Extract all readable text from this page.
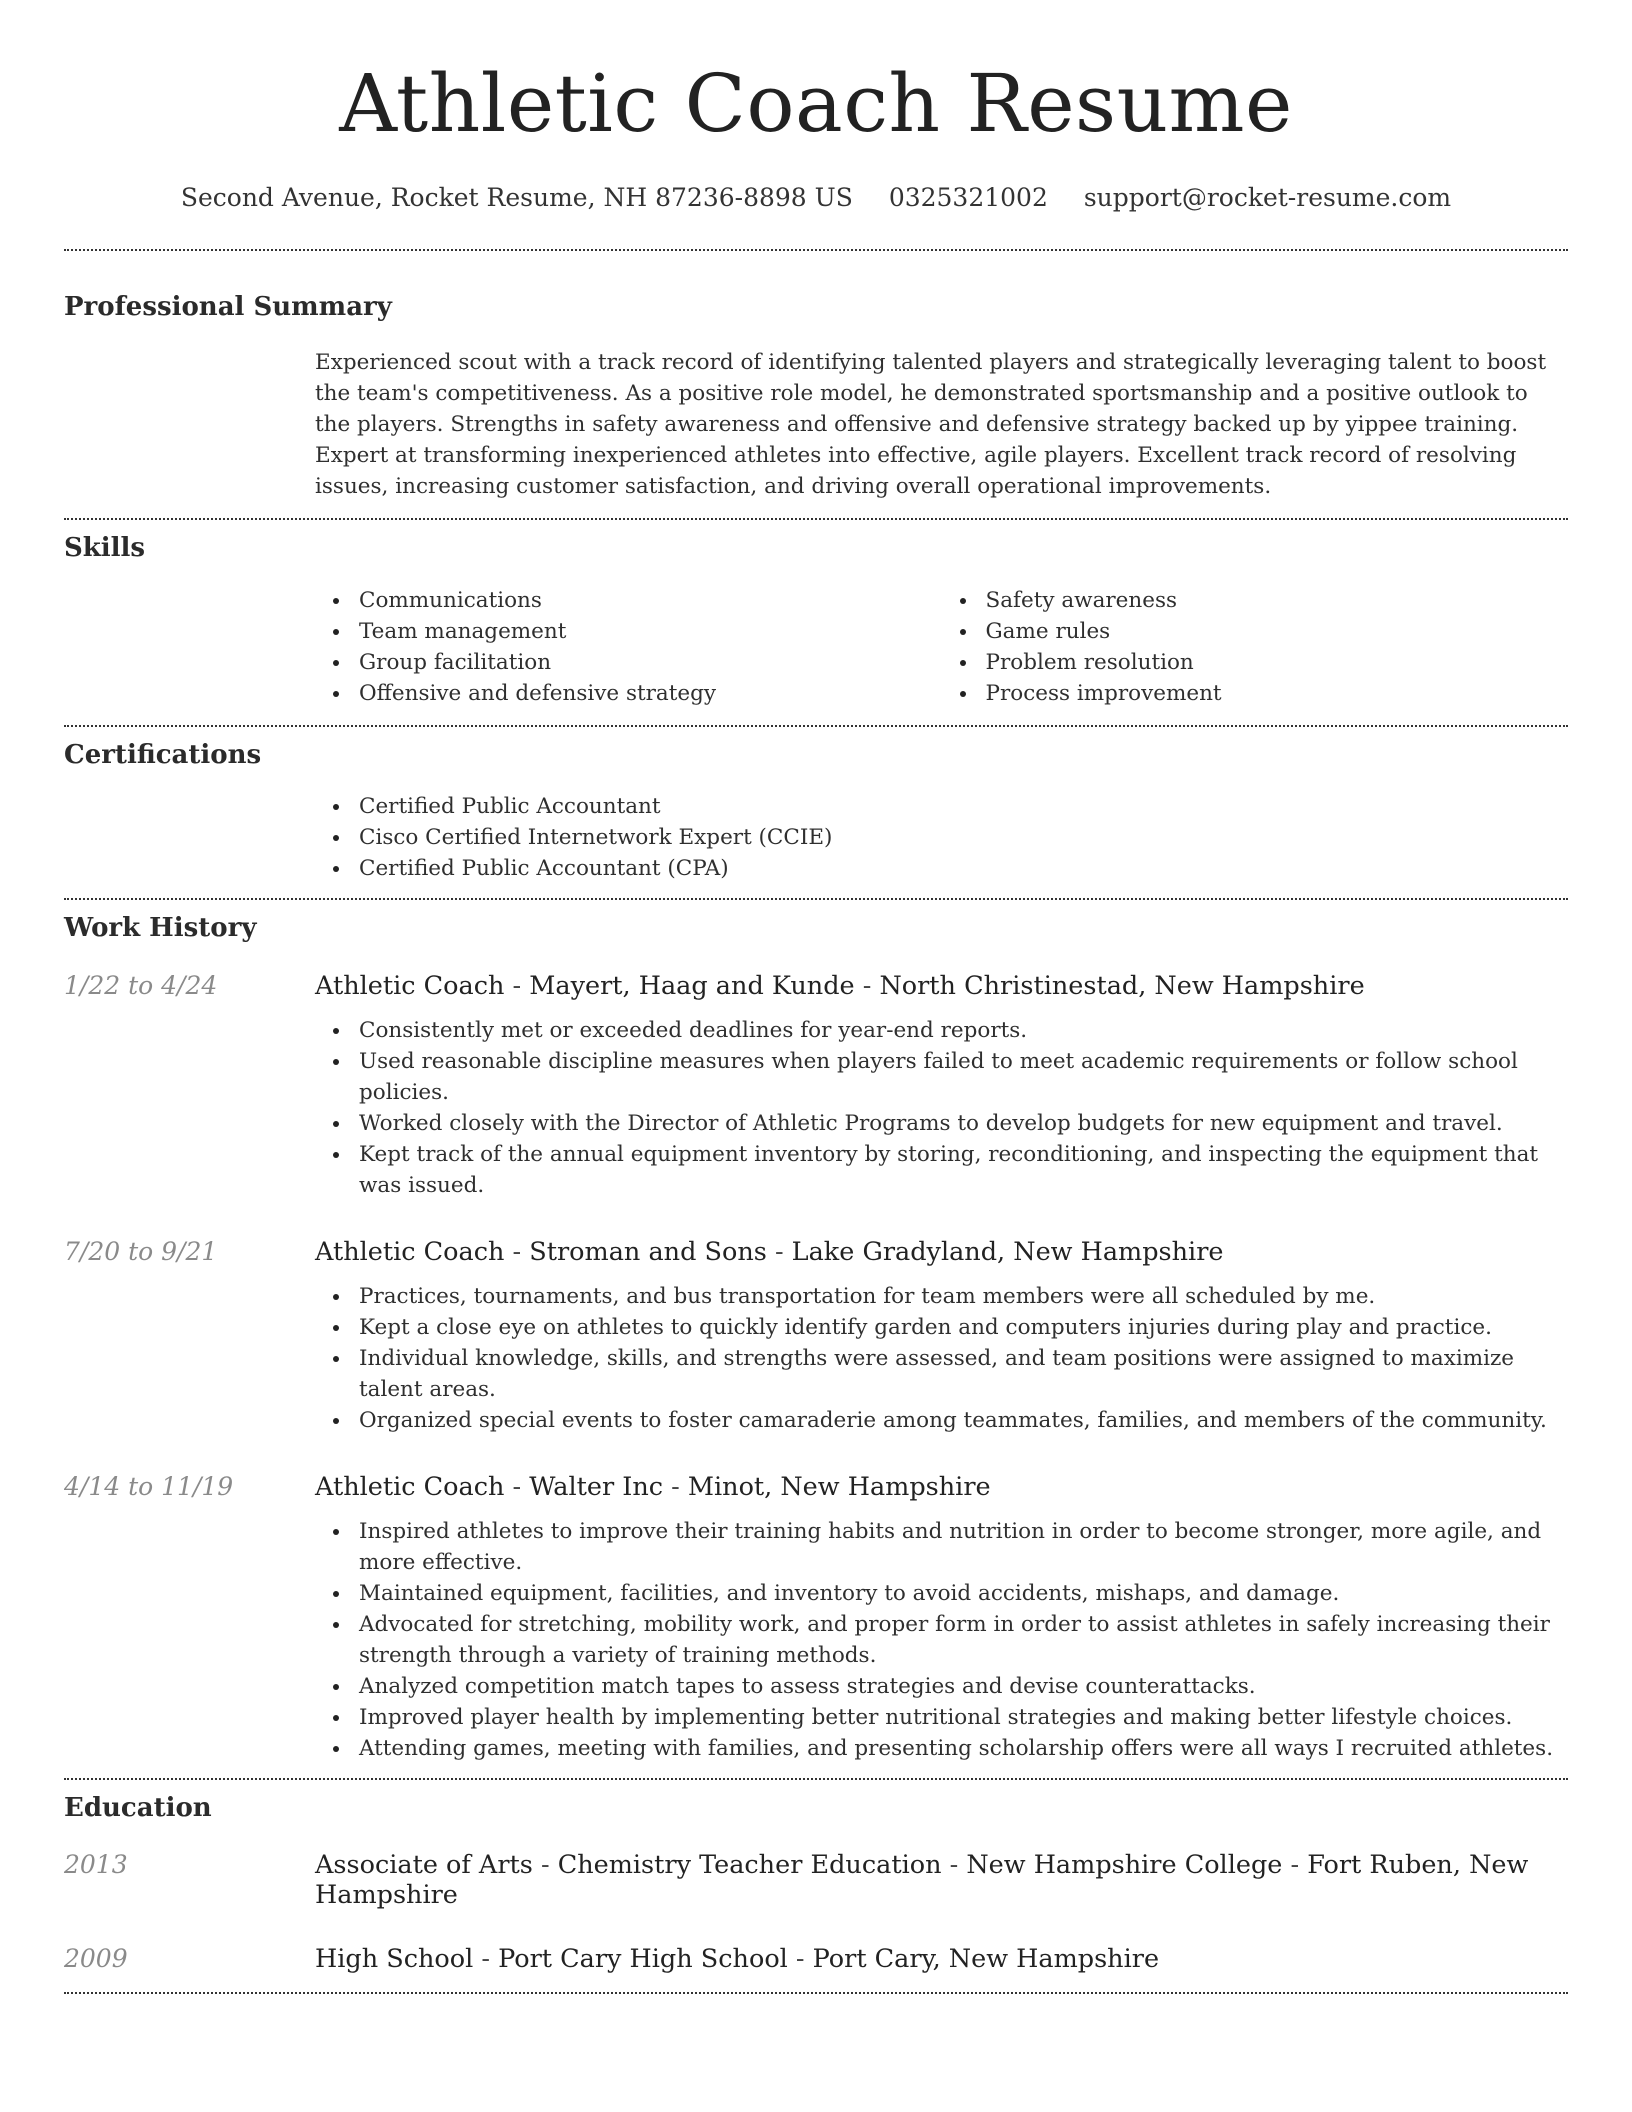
Athletic Coach Resume
Second Avenue, Rocket Resume, NH 87236-8898 US 0325321002 support@rocket-resume.com
Professional Summary

Experienced scout with a track record of identifying talented players and strategically leveraging talent to boost the team's competitiveness. As a positive role model, he demonstrated sportsmanship and a positive outlook to the players. Strengths in safety awareness and offensive and defensive strategy backed up by yippee training. Expert at transforming inexperienced athletes into effective, agile players. Excellent track record of resolving issues, increasing customer satisfaction, and driving overall operational improvements.

Skills
Communications
Team management
Group facilitation
Offensive and defensive strategy
Safety awareness
Game rules
Problem resolution
Process improvement
Certifications
Certified Public Accountant
Cisco Certified Internetwork Expert (CCIE)
Certified Public Accountant (CPA)
Work History
1/22 to 4/24	Athletic Coach - Mayert, Haag and Kunde - North Christinestad, New Hampshire
Consistently met or exceeded deadlines for year-end reports.
Used reasonable discipline measures when players failed to meet academic requirements or follow school policies.
Worked closely with the Director of Athletic Programs to develop budgets for new equipment and travel.
Kept track of the annual equipment inventory by storing, reconditioning, and inspecting the equipment that was issued.
7/20 to 9/21	Athletic Coach - Stroman and Sons - Lake Gradyland, New Hampshire
Practices, tournaments, and bus transportation for team members were all scheduled by me.
Kept a close eye on athletes to quickly identify garden and computers injuries during play and practice.
Individual knowledge, skills, and strengths were assessed, and team positions were assigned to maximize talent areas.
Organized special events to foster camaraderie among teammates, families, and members of the community.
4/14 to 11/19	Athletic Coach - Walter Inc - Minot, New Hampshire
Inspired athletes to improve their training habits and nutrition in order to become stronger, more agile, and more effective.
Maintained equipment, facilities, and inventory to avoid accidents, mishaps, and damage.
Advocated for stretching, mobility work, and proper form in order to assist athletes in safely increasing their strength through a variety of training methods.
Analyzed competition match tapes to assess strategies and devise counterattacks.
Improved player health by implementing better nutritional strategies and making better lifestyle choices.
Attending games, meeting with families, and presenting scholarship offers were all ways I recruited athletes.
Education
2013	Associate of Arts - Chemistry Teacher Education - New Hampshire College - Fort Ruben, New Hampshire
2009	High School - Port Cary High School - Port Cary, New Hampshire
